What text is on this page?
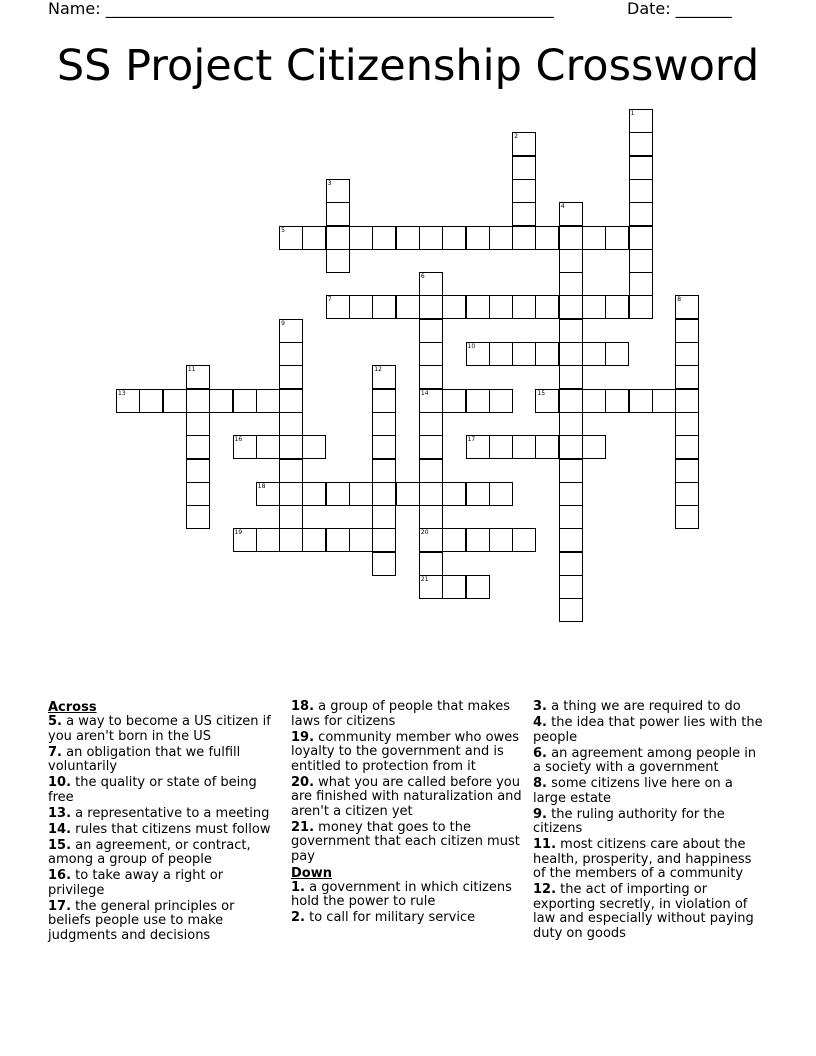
Name: ________________________________________________________	Date: _______
SS Project Citizenship Crossword
1
2
3
4
5
6
14
20
21
7	8
9
10
11	12
13	15
16	17
18
19
Across
5. a way to become a US citizen if you aren't born in the US
7. an obligation that we fulfill voluntarily
10. the quality or state of being free
13. a representative to a meeting
14. rules that citizens must follow
15. an agreement, or contract, among a group of people
16. to take away a right or privilege
17. the general principles or beliefs people use to make judgments and decisions
18. a group of people that makes laws for citizens
19. community member who owes loyalty to the government and is entitled to protection from it
20. what you are called before you are finished with naturalization and aren't a citizen yet
21. money that goes to the government that each citizen must pay
Down
1. a government in which citizens hold the power to rule
2. to call for military service
3. a thing we are required to do
4. the idea that power lies with the people
6. an agreement among people in a society with a government
8. some citizens live here on a large estate
9. the ruling authority for the citizens
11. most citizens care about the health, prosperity, and happiness of the members of a community
12. the act of importing or exporting secretly, in violation of law and especially without paying duty on goods
